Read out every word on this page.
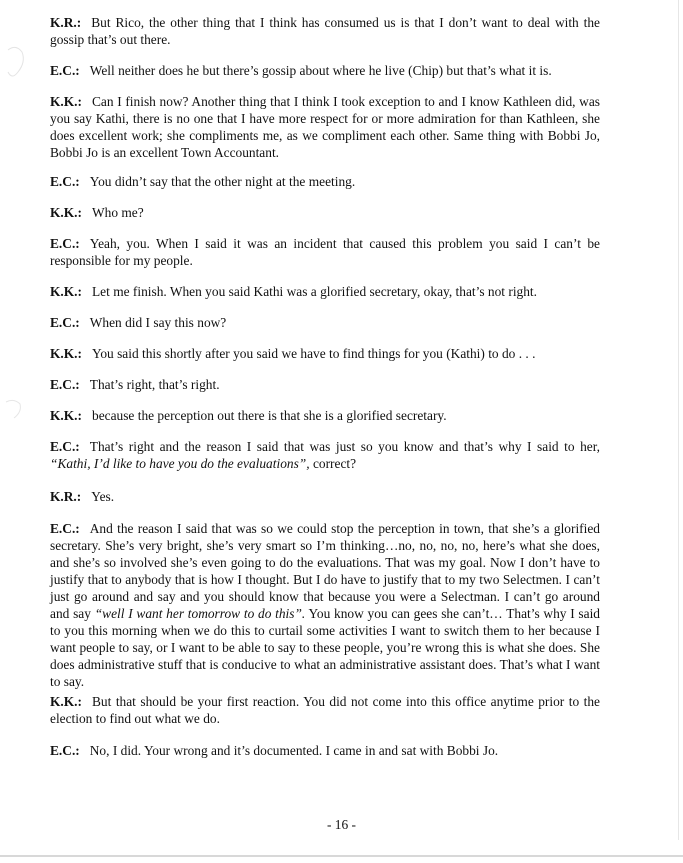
K.R.: But Rico, the other thing that I think has consumed us is that I don’t want to deal with the gossip that’s out there.

E.C.: Well neither does he but there’s gossip about where he live (Chip) but that’s what it is.

K.K.: Can I finish now? Another thing that I think I took exception to and I know Kathleen did, was you say Kathi, there is no one that I have more respect for or more admiration for than Kathleen, she does excellent work; she compliments me, as we compliment each other. Same thing with Bobbi Jo, Bobbi Jo is an excellent Town Accountant.

E.C.: You didn’t say that the other night at the meeting.

K.K.: Who me?

E.C.: Yeah, you. When I said it was an incident that caused this problem you said I can’t be responsible for my people.

K.K.: Let me finish. When you said Kathi was a glorified secretary, okay, that’s not right.

E.C.: When did I say this now?

K.K.: You said this shortly after you said we have to find things for you (Kathi) to do . . .

E.C.: That’s right, that’s right.

K.K.: because the perception out there is that she is a glorified secretary.

E.C.: That’s right and the reason I said that was just so you know and that’s why I said to her, “Kathi, I’d like to have you do the evaluations”, correct?

K.R.: Yes.

E.C.: And the reason I said that was so we could stop the perception in town, that she’s a glorified secretary. She’s very bright, she’s very smart so I’m thinking…no, no, no, no, here’s what she does, and she’s so involved she’s even going to do the evaluations. That was my goal. Now I don’t have to justify that to anybody that is how I thought. But I do have to justify that to my two Selectmen. I can’t just go around and say and you should know that because you were a Selectman. I can’t go around and say “well I want her tomorrow to do this”. You know you can gees she can’t… That’s why I said to you this morning when we do this to curtail some activities I want to switch them to her because I want people to say, or I want to be able to say to these people, you’re wrong this is what she does. She does administrative stuff that is conducive to what an administrative assistant does. That’s what I want to say.

K.K.: But that should be your first reaction. You did not come into this office anytime prior to the election to find out what we do.

E.C.: No, I did. Your wrong and it’s documented. I came in and sat with Bobbi Jo.

- 16 -
